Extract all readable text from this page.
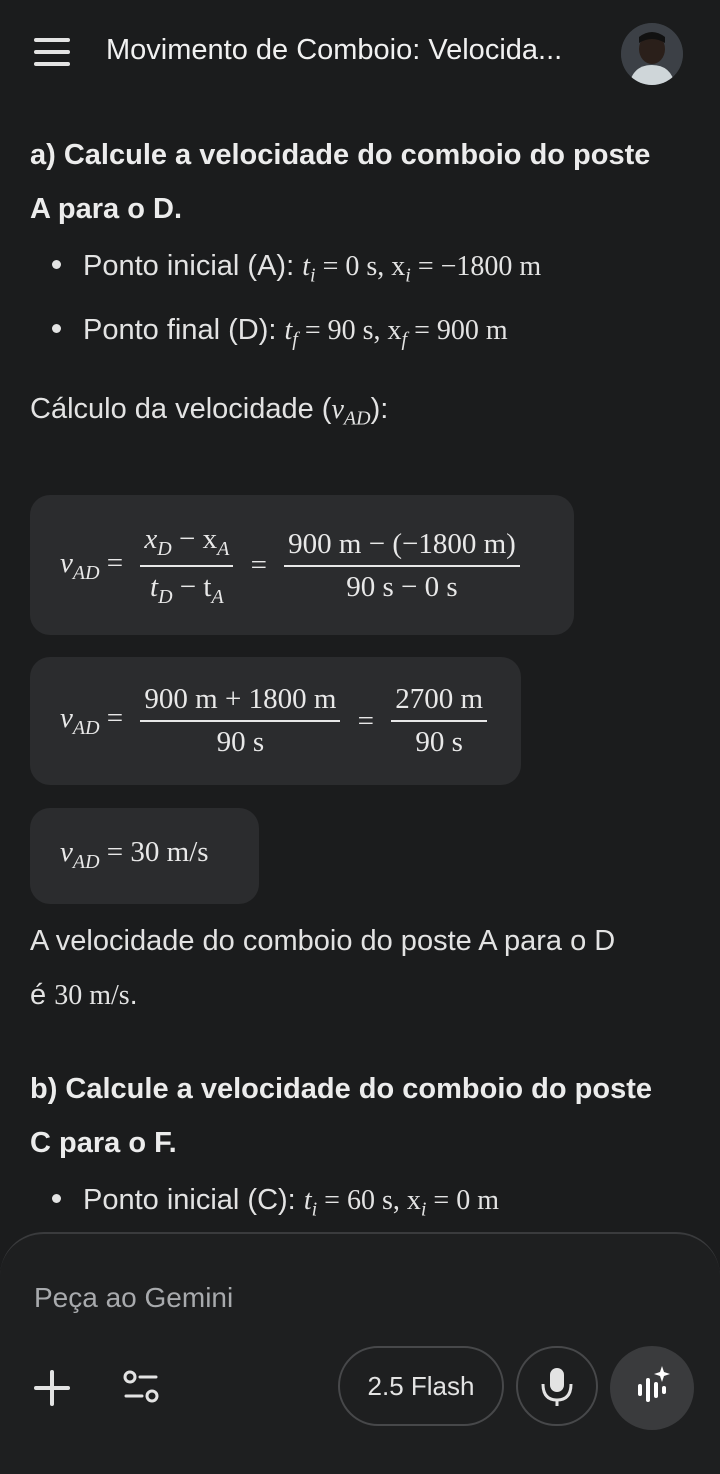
Movimento de Comboio: Velocida...
a) Calcule a velocidade do comboio do poste
A para o D.
Ponto inicial (A): $t_i = 0$ s, $x_i = -1800$ m
Ponto final (D): $t_f = 90$ s, $x_f = 900$ m
Cálculo da velocidade $(v_{AD})$:
$v_{AD} = \frac{x_D - x_A}{t_D - t_A} = \frac{900 m - (-1800 m)}{90 s - 0 s}$
$v_{AD} = \frac{900 m + 1800 m}{90 s} = \frac{2700 m}{90 s}$
$v_{AD} = 30$ m/s
A velocidade do comboio do poste A para o D
é 30 m/s.
b) Calcule a velocidade do comboio do poste
C para o F.
Ponto inicial (C): $t_i = 60$ s, $x_i = 0$ m
Peça ao Gemini
2.5 Flash
